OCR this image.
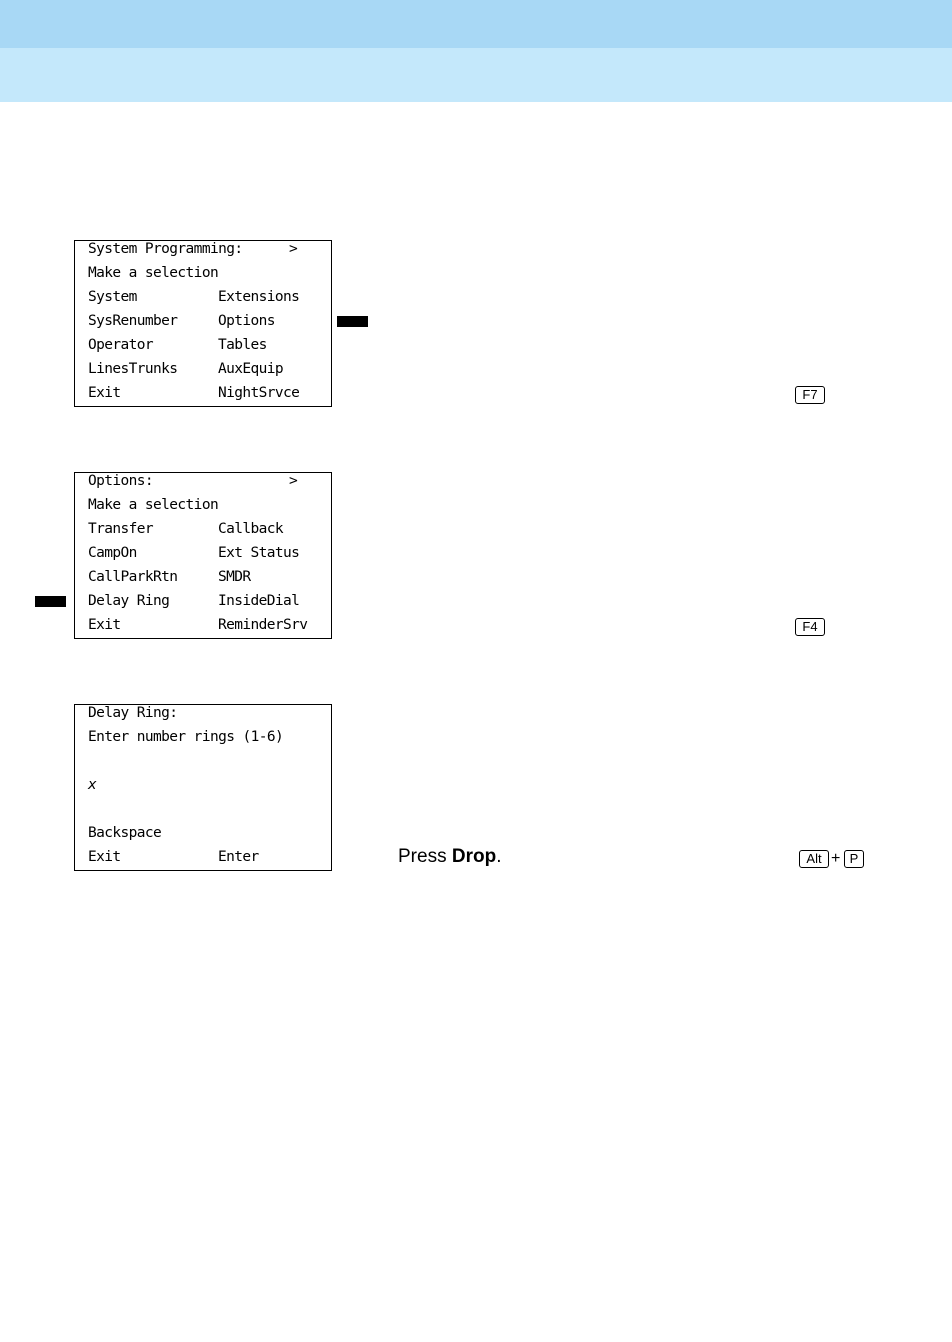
System Programming:	>
Make a selection
System	Extensions
SysRenumber	Options
Operator	Tables
LinesTrunks	AuxEquip
Exit	NightSrvce	F7
Options:	>
Make a selection
Transfer	Callback
CampOn	Ext Status
CallParkRtn	SMDR
Delay Ring	InsideDial
Exit	ReminderSrv	F4
Delay Ring:
Enter number rings (1-6)
x
Backspace
Exit	Enter	Press Drop.	Alt + P
